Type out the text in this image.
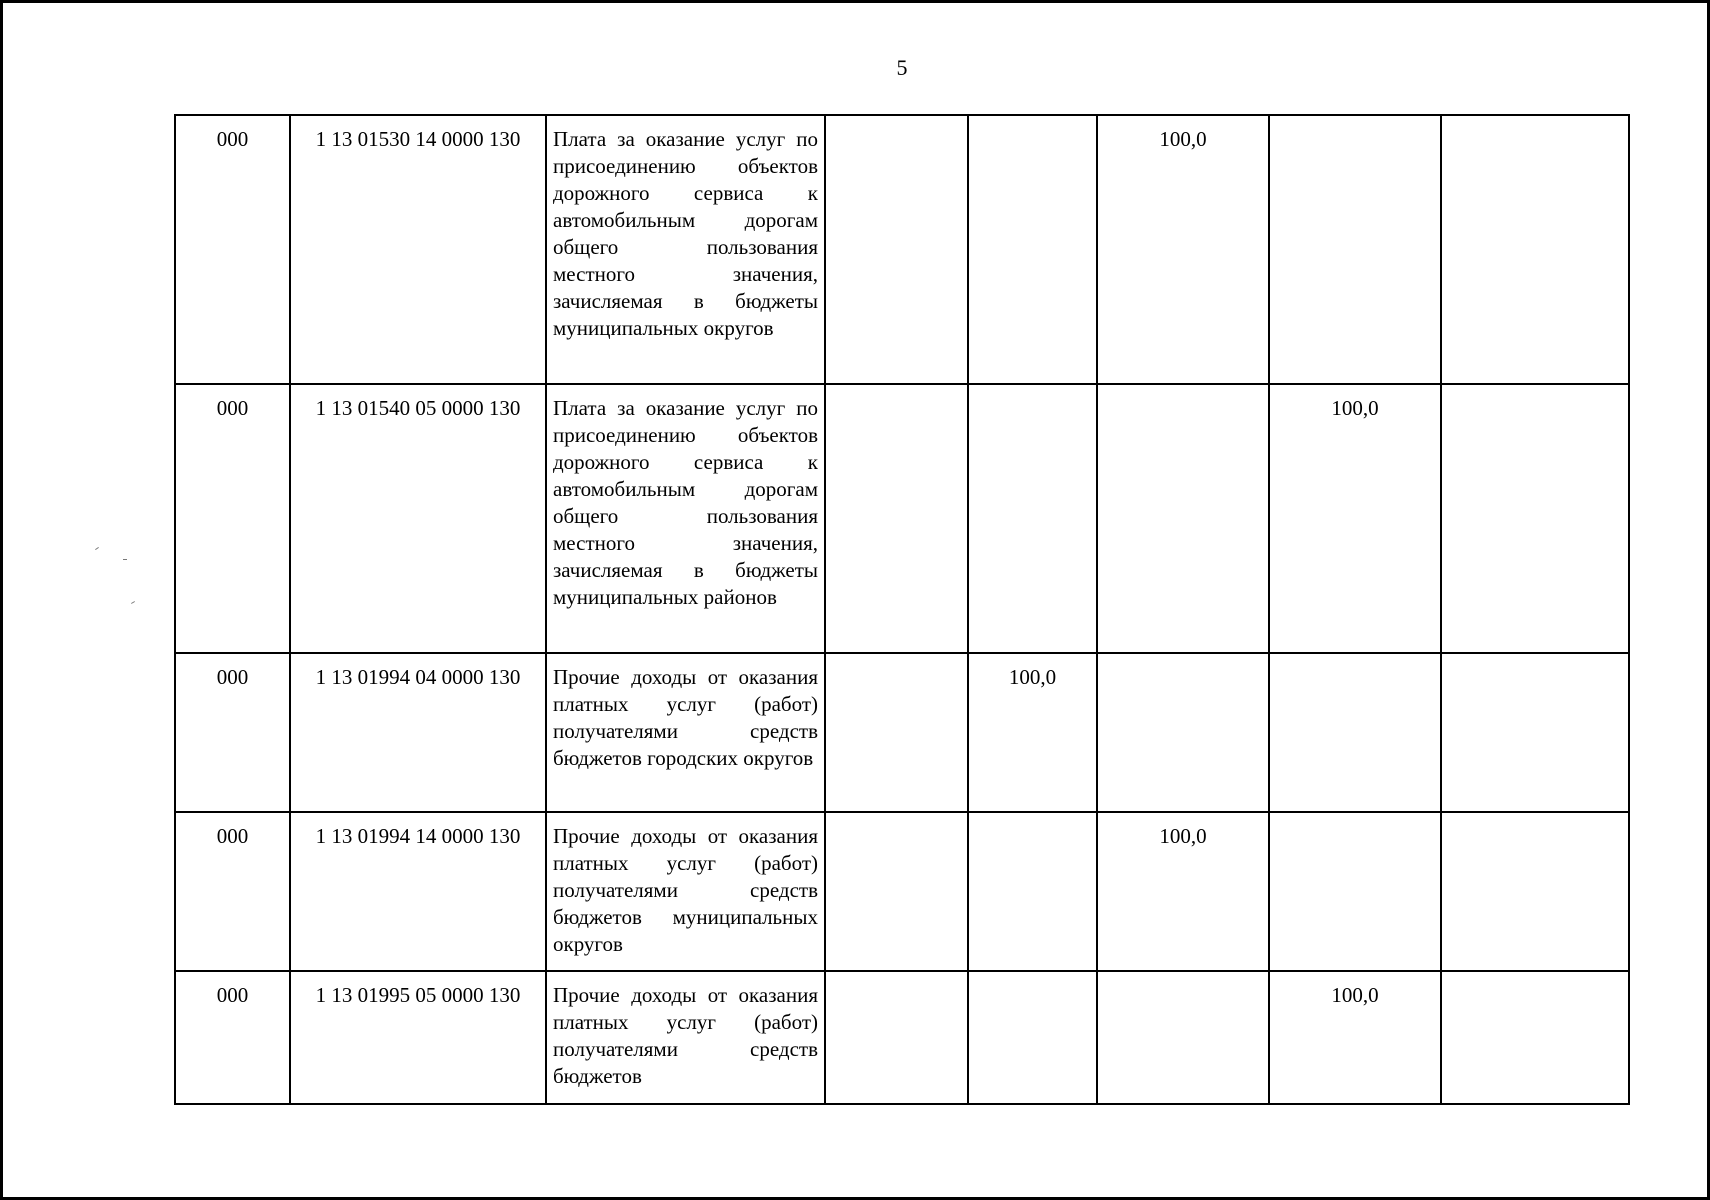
5
000	1 13 01530 14 0000 130	Плата за оказание услуг по присоединению объектов дорожного сервиса к автомобильным дорогам общего пользования местного значения, зачисляемая в бюджеты муниципальных округов			100,0		
000	1 13 01540 05 0000 130	Плата за оказание услуг по присоединению объектов дорожного сервиса к автомобильным дорогам общего пользования местного значения, зачисляемая в бюджеты муниципальных районов				100,0	
000	1 13 01994 04 0000 130	Прочие доходы от оказания платных услуг (работ) получателями средств бюджетов городских округов		100,0			
000	1 13 01994 14 0000 130	Прочие доходы от оказания платных услуг (работ) получателями средств бюджетов муниципальных округов			100,0		
000	1 13 01995 05 0000 130	Прочие доходы от оказания платных услуг (работ) получателями средств бюджетов				100,0	
